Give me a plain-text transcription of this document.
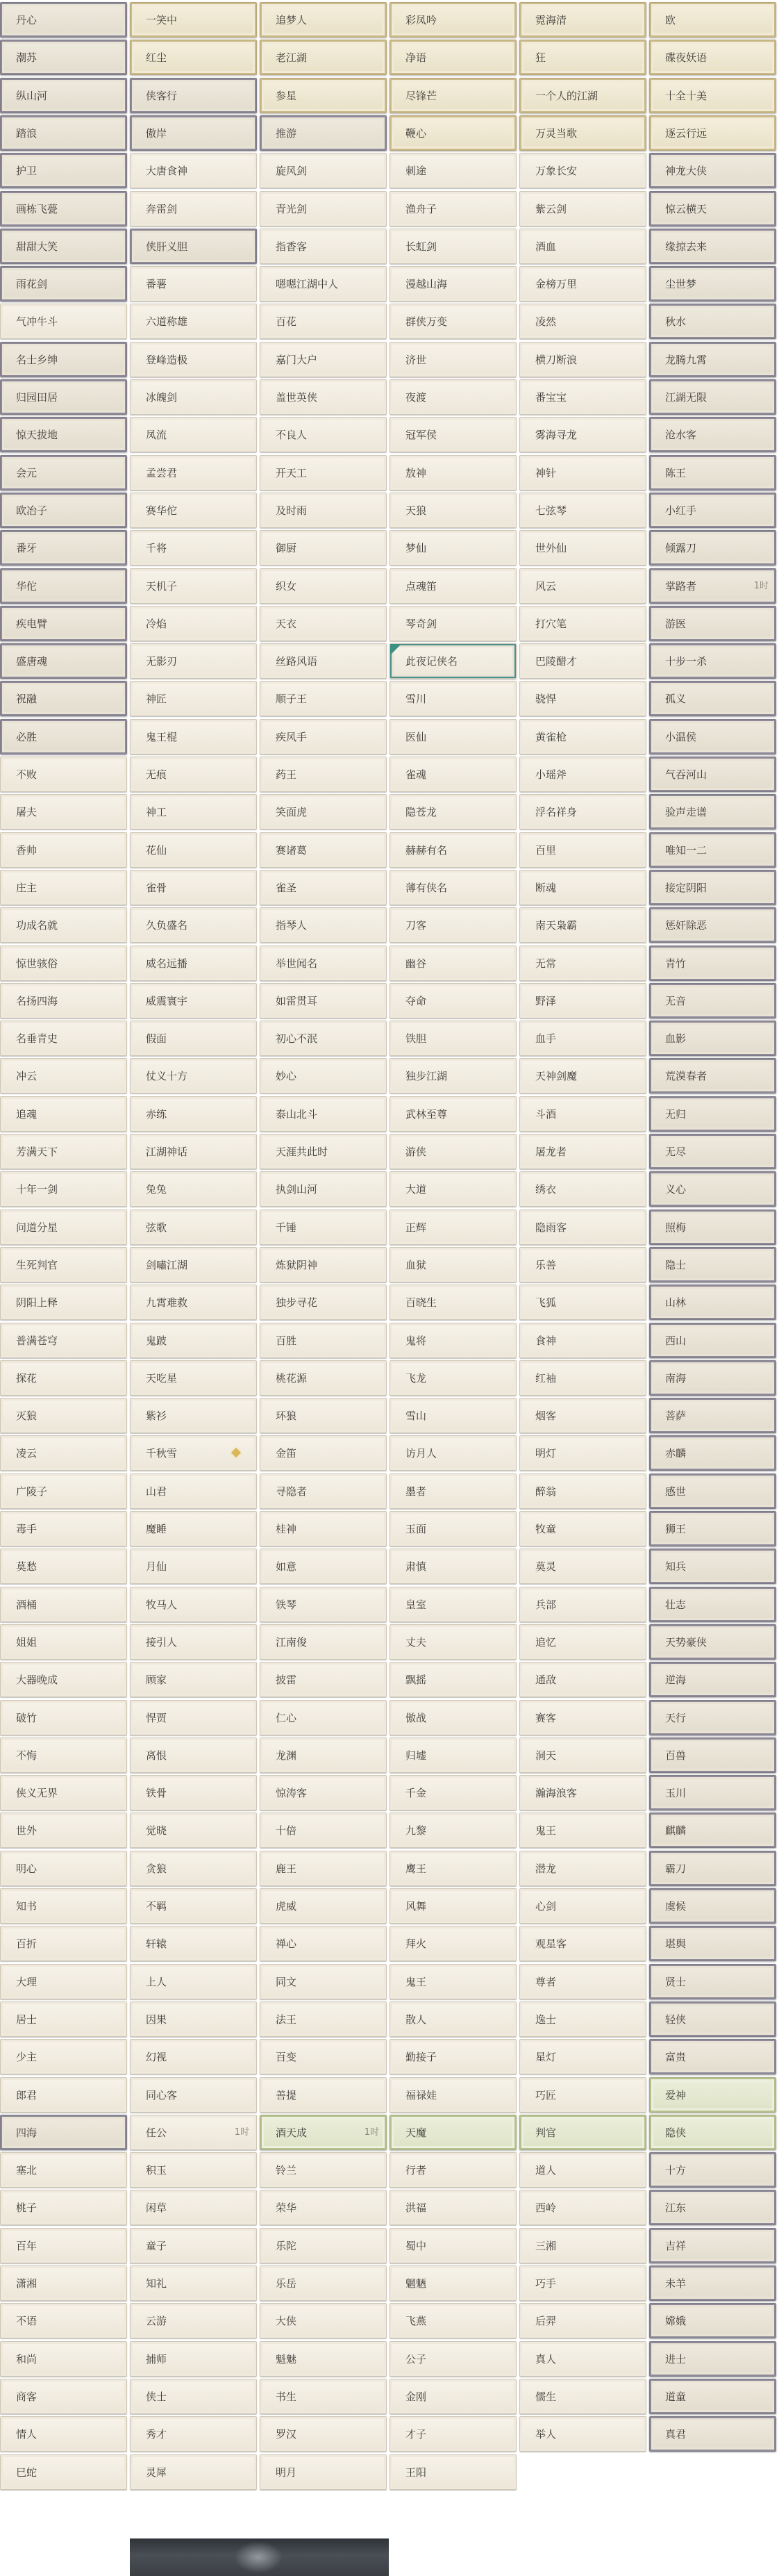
丹心	一笑中	追梦人	彩凤吟	霓海清	欧
潮苏	红尘	老江湖	净语	狂	碟夜妖语
纵山河	侠客行	参星	尽锋芒	一个人的江湖	十全十美
踏浪	傲岸	推游	鞭心	万灵当歌	逐云行远
护卫	大唐食神	旋风剑	刺途	万象长安	神龙大侠
画栋飞甍	奔雷剑	青光剑	渔舟子	紫云剑	惊云横天
甜甜大笑	侠肝义胆	指香客	长虹剑	酒血	缘掠去来
雨花剑	番薯	嗯嗯江湖中人	漫越山海	金榜万里	尘世梦
气冲牛斗	六道称雄	百花	群侠万变	凌然	秋水
名士乡绅	登峰造极	嘉门大户	济世	横刀断浪	龙腾九霄
归园田居	冰魄剑	盖世英侠	夜渡	番宝宝	江湖无限
惊天拔地	凤流	不良人	冠军侯	雾海寻龙	沧水客
会元	孟尝君	开天工	敖神	神针	陈王
欧冶子	赛华佗	及时雨	天狼	七弦琴	小红手
番牙	千将	御厨	梦仙	世外仙	倾露刀
华佗	天机子	织女	点魂笛	风云	掌路者	1时
疾电臂	冷焰	天衣	琴奇剑	打穴笔	游医
盛唐魂	无影刃	丝路风语	此夜记侠名	巴陵醋才	十步一杀
祝融	神匠	顺子王	雪川	骁悍	孤义
必胜	鬼王棍	疾风手	医仙	黄雀枪	小温侯
不败	无痕	药王	雀魂	小瑶斧	气吞河山
屠夫	神工	笑面虎	隐苍龙	浮名祥身	验声走谱
香帅	花仙	赛诸葛	赫赫有名	百里	唯知一二
庄主	雀骨	雀圣	薄有侠名	断魂	接定阴阳
功成名就	久负盛名	指琴人	刀客	南天枭霸	惩奸除恶
惊世骇俗	威名远播	举世闻名	幽谷	无常	青竹
名扬四海	威震寰宇	如雷贯耳	夺命	野泽	无音
名垂青史	假面	初心不泯	铁胆	血手	血影
冲云	仗义十方	妙心	独步江湖	天神剑魔	荒漠春者
追魂	赤练	泰山北斗	武林至尊	斗酒	无归
芳满天下	江湖神话	天涯共此时	游侠	屠龙者	无尽
十年一剑	兔兔	执剑山河	大道	绣衣	义心
问道分星	弦歌	千锤	正辉	隐雨客	照梅
生死判官	剑嘯江湖	炼狱阴神	血狱	乐善	隐士
阴阳上释	九霄难救	独步寻花	百晓生	飞狐	山林
普满苍穹	鬼跛	百胜	鬼将	食神	西山
探花	天吃星	桃花源	飞龙	红袖	南海
灭狼	紫衫	环狼	雪山	烟客	菩萨
凌云	千秋雪	金笛	访月人	明灯	赤麟
广陵子	山君	寻隐者	墨者	醉翁	感世
毒手	魔睡	桂神	玉面	牧童	狮王
莫愁	月仙	如意	肃慎	莫灵	知兵
酒桶	牧马人	铁琴	皇室	兵部	壮志
姐姐	接引人	江南俊	丈夫	追忆	天势豪侠
大器晚成	顾家	披雷	飘摇	通敌	逆海
破竹	悍贾	仁心	傲战	赛客	天行
不悔	离恨	龙渊	归墟	洞天	百兽
侠义无界	铁骨	惊涛客	千金	瀚海浪客	玉川
世外	觉晓	十倍	九黎	鬼王	麒麟
明心	贪狼	鹿王	鹰王	潜龙	霸刀
知书	不羁	虎威	风舞	心剑	虞候
百折	轩辕	禅心	拜火	观星客	堪舆
大理	上人	同文	鬼王	尊者	贤士
居士	因果	法王	散人	逸士	轻侠
少主	幻视	百变	勤接子	星灯	富贵
郎君	同心客	善提	福禄娃	巧匠	爱神
四海	任公	1时	酒天成	1时	天魔	判官	隐侠
塞北	积玉	铃兰	行者	道人	十方
桃子	闲草	荣华	洪福	西岭	江东
百年	童子	乐陀	蜀中	三湘	吉祥
潇湘	知礼	乐岳	魍魉	巧手	未羊
不语	云游	大侠	飞燕	后羿	嫦娥
和尚	捕师	魁魅	公子	真人	进士
商客	侠士	书生	金刚	儒生	道童
情人	秀才	罗汉	才子	举人	真君
巳蛇	灵犀	明月	王阳
